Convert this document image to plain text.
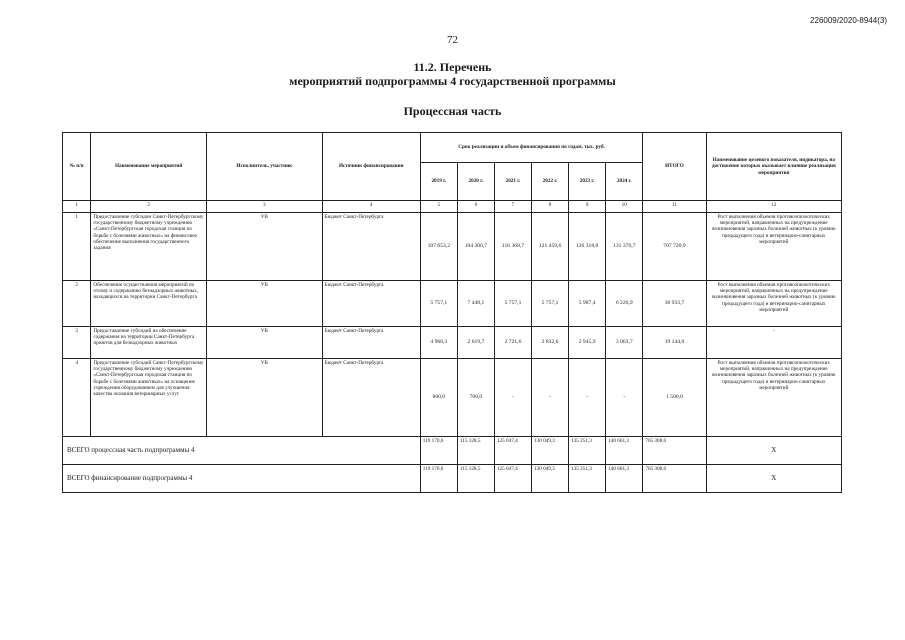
226009/2020-8944(3)
72
11.2. Перечень
мероприятий подпрограммы 4 государственной программы
Процессная часть
№ п/п	Наименование мероприятий	Исполнитель, участник	Источник финансирования	Срок реализации и объем финансирования по годам, тыс. руб.						ИТОГО	Наименование целевого показателя, индикатора, на достижение которых оказывает влияние реализация мероприятия
				2019 г.	2020 г.	2021 г.	2022 г.	2023 г.	2024 г.		
1	2	3	4	5	6	7	8	9	10	11	12
1	Предоставление субсидии Санкт-Петербургскому государственному бюджетному учреждению «Санкт-Петербургская городская станция по борьбе с болезнями животных» на финансовое обеспечение выполнения государственного задания	УВ	Бюджет Санкт-Петербурга	107 653,2	104 300,7	116 368,7	121 459,6	126 318,0	131 370,7	707 720,9	Рост выполнения объемов противоэпизоотических мероприятий, направленных на предупреждение возникновения заразных болезней животных (к уровню предыдущего года) и ветеринарно-санитарных мероприятий
2	Обеспечение осуществления мероприятий по отлову и содержанию безнадзорных животных, находящихся на территории Санкт-Петербурга	УВ	Бюджет Санкт-Петербурга	5 757,1	7 448,1	5 757,1	5 757,1	5 987,4	6 226,9	36 933,7	Рост выполнения объемов противоэпизоотических мероприятий, направленных на предупреждение возникновения заразных болезней животных (к уровню предыдущего года) и ветеринарно-санитарных мероприятий
3	Предоставление субсидий на обеспечение содержания на территории Санкт-Петербурга приютов для безнадзорных животных	УВ	Бюджет Санкт-Петербурга	4 960,3	2 619,7	2 721,6	2 832,6	2 945,9	3 063,7	19 144,0	-
4	Предоставление субсидий Санкт-Петербургскому государственному бюджетному учреждению «Санкт-Петербургская городская станция по борьбе с болезнями животных» на оснащение учреждения оборудованием для улучшения качества оказания ветеринарных услуг	УВ	Бюджет Санкт-Петербурга	800,0	700,0	-	-	-	-	1 500,0	Рост выполнения объемов противоэпизоотических мероприятий, направленных на предупреждение возникновения заразных болезней животных (к уровню предыдущего года) и ветеринарно-санитарных мероприятий
ВСЕГО процессная часть подпрограммы 4				119 170,6	115 128,5	125 047,4	130 049,3	135 251,3	140 661,3	765 308,6	Х
ВСЕГО финансирование подпрограммы 4				119 170,6	115 128,5	125 047,4	130 049,3	135 251,3	140 661,3	765 308,6	Х
